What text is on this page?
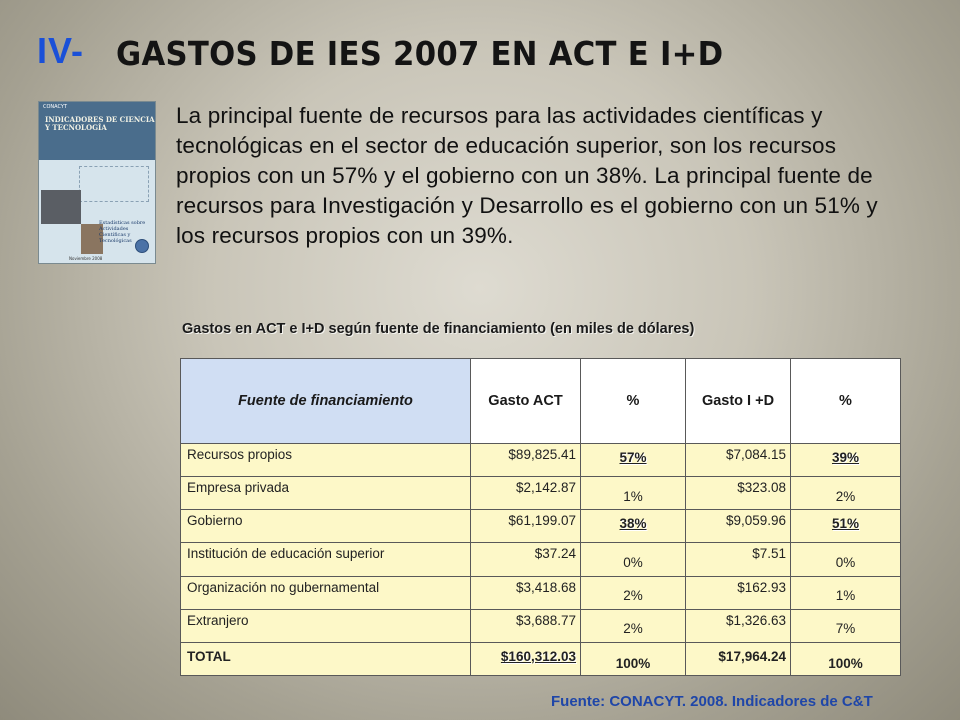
IV- GASTOS DE IES 2007 EN ACT E I+D
CONACYT
INDICADORES DE CIENCIA Y TECNOLOGÍA
Estadísticas sobre Actividades Científicas y Tecnológicas
Noviembre 2008

La principal fuente de recursos para las actividades científicas y tecnológicas en el sector de educación superior, son los recursos propios con un 57% y el gobierno con un 38%. La principal fuente de recursos para Investigación y Desarrollo es el gobierno con un 51% y los recursos propios con un 39%.

Gastos en ACT e I+D según fuente de financiamiento (en miles de dólares)
Fuente de financiamiento	Gasto ACT	%	Gasto I +D	%
Recursos propios	$89,825.41	57%	$7,084.15	39%
Empresa privada	$2,142.87	1%	$323.08	2%
Gobierno	$61,199.07	38%	$9,059.96	51%
Institución de educación superior	$37.24	0%	$7.51	0%
Organización no gubernamental	$3,418.68	2%	$162.93	1%
Extranjero	$3,688.77	2%	$1,326.63	7%
TOTAL	$160,312.03	100%	$17,964.24	100%
Fuente: CONACYT. 2008. Indicadores de C&T
